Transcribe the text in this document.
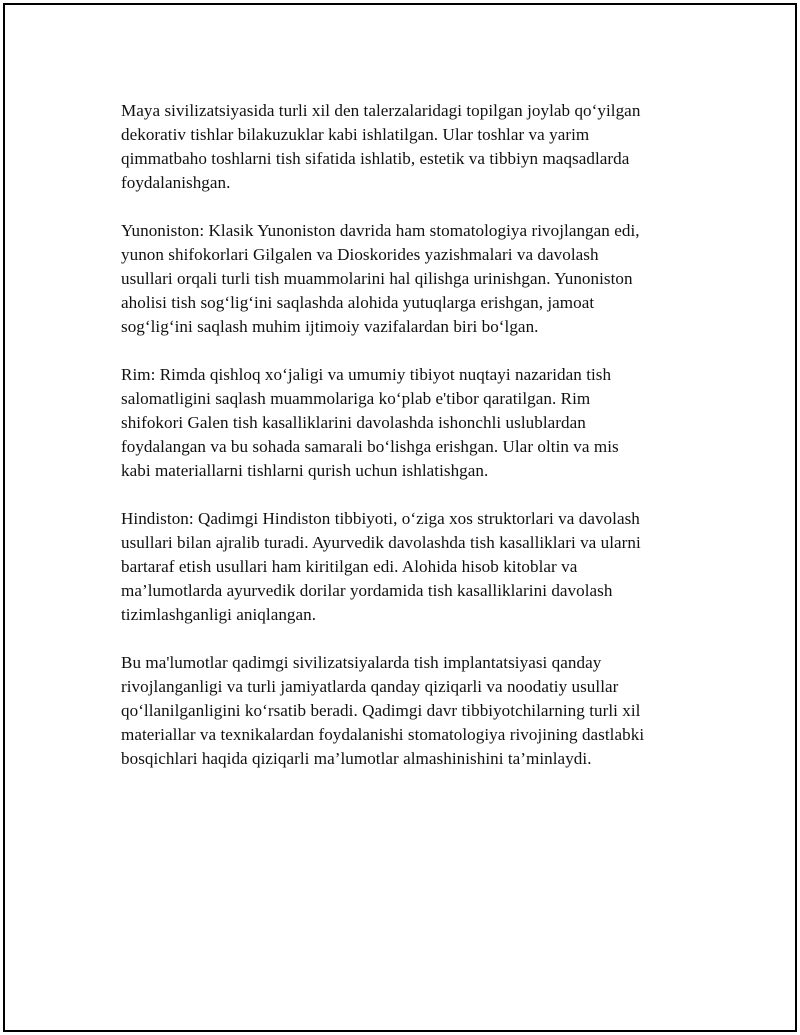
Maya sivilizatsiyasida turli xil den talerzalaridagi topilgan joylab qo‘yilgan
dekorativ tishlar bilakuzuklar kabi ishlatilgan. Ular toshlar va yarim
qimmatbaho toshlarni tish sifatida ishlatib, estetik va tibbiyn maqsadlarda
foydalanishgan.

Yunoniston: Klasik Yunoniston davrida ham stomatologiya rivojlangan edi,
yunon shifokorlari Gilgalen va Dioskorides yazishmalari va davolash
usullari orqali turli tish muammolarini hal qilishga urinishgan. Yunoniston
aholisi tish sog‘lig‘ini saqlashda alohida yutuqlarga erishgan, jamoat
sog‘lig‘ini saqlash muhim ijtimoiy vazifalardan biri bo‘lgan.

Rim: Rimda qishloq xo‘jaligi va umumiy tibiyot nuqtayi nazaridan tish
salomatligini saqlash muammolariga ko‘plab e'tibor qaratilgan. Rim
shifokori Galen tish kasalliklarini davolashda ishonchli uslublardan
foydalangan va bu sohada samarali bo‘lishga erishgan. Ular oltin va mis
kabi materiallarni tishlarni qurish uchun ishlatishgan.

Hindiston: Qadimgi Hindiston tibbiyoti, o‘ziga xos struktorlari va davolash
usullari bilan ajralib turadi. Ayurvedik davolashda tish kasalliklari va ularni
bartaraf etish usullari ham kiritilgan edi. Alohida hisob kitoblar va
ma’lumotlarda ayurvedik dorilar yordamida tish kasalliklarini davolash
tizimlashganligi aniqlangan.

Bu ma'lumotlar qadimgi sivilizatsiyalarda tish implantatsiyasi qanday
rivojlanganligi va turli jamiyatlarda qanday qiziqarli va noodatiy usullar
qo‘llanilganligini ko‘rsatib beradi. Qadimgi davr tibbiyotchilarning turli xil
materiallar va texnikalardan foydalanishi stomatologiya rivojining dastlabki
bosqichlari haqida qiziqarli ma’lumotlar almashinishini ta’minlaydi.
